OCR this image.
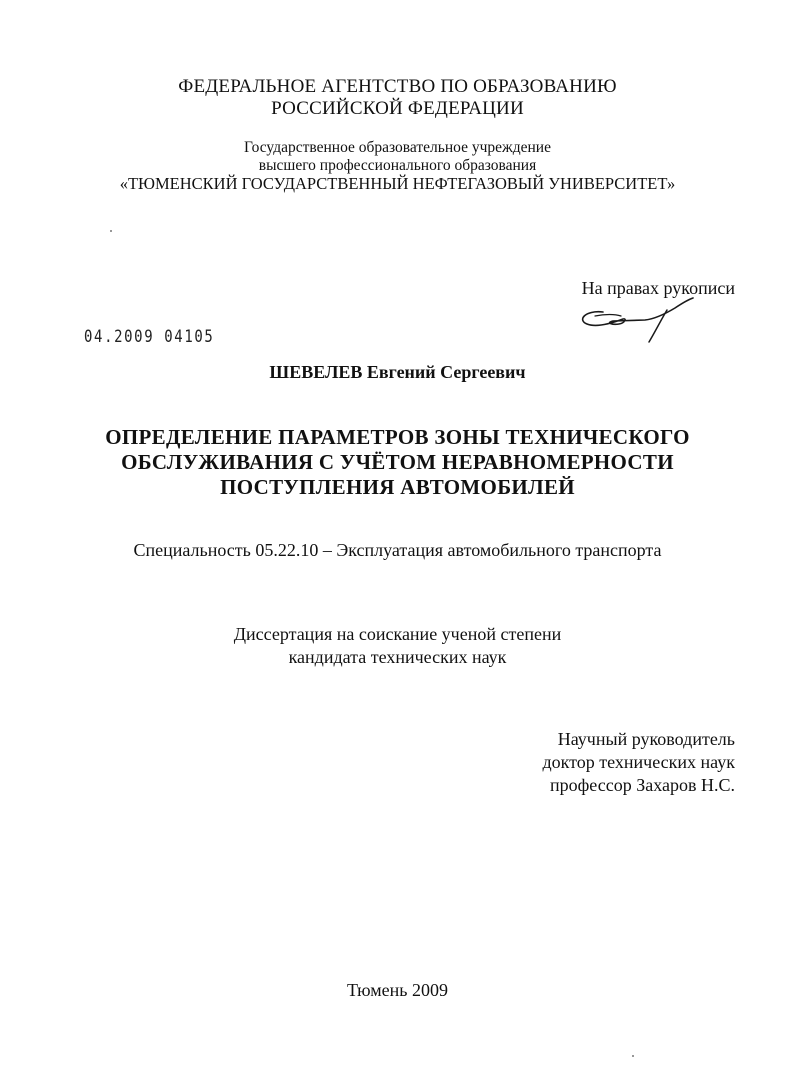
ФЕДЕРАЛЬНОЕ АГЕНТСТВО ПО ОБРАЗОВАНИЮ
РОССИЙСКОЙ ФЕДЕРАЦИИ
Государственное образовательное учреждение
высшего профессионального образования
«ТЮМЕНСКИЙ ГОСУДАРСТВЕННЫЙ НЕФТЕГАЗОВЫЙ УНИВЕРСИТЕТ»
На правах рукописи
04.2009 04105
ШЕВЕЛЕВ Евгений Сергеевич
ОПРЕДЕЛЕНИЕ ПАРАМЕТРОВ ЗОНЫ ТЕХНИЧЕСКОГО
ОБСЛУЖИВАНИЯ С УЧЁТОМ НЕРАВНОМЕРНОСТИ
ПОСТУПЛЕНИЯ АВТОМОБИЛЕЙ
Специальность 05.22.10 – Эксплуатация автомобильного транспорта
Диссертация на соискание ученой степени
кандидата технических наук
Научный руководитель
доктор технических наук
профессор Захаров Н.С.
Тюмень 2009
